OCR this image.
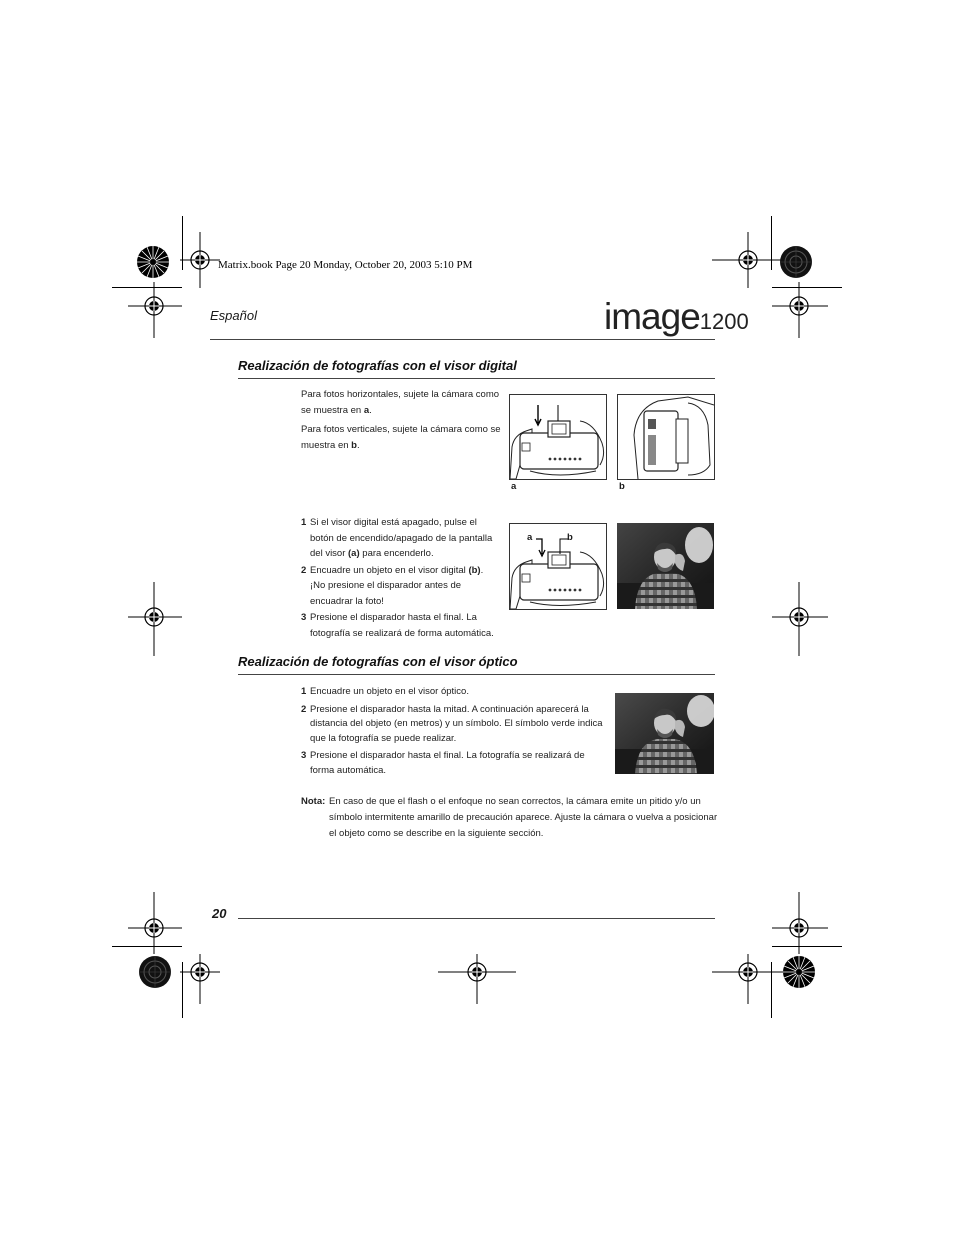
Matrix.book Page 20 Monday, October 20, 2003 5:10 PM
Español	image1200
Realización de fotografías con el visor digital

Para fotos horizontales, sujete la cámara como se muestra en a.

Para fotos verticales, sujete la cámara como se muestra en b.

a	b
1 Si el visor digital está apagado, pulse el botón de encendido/apagado de la pantalla del visor (a) para encenderlo.
2 Encuadre un objeto en el visor digital (b). ¡No presione el disparador antes de encuadrar la foto!
3 Presione el disparador hasta el final. La fotografía se realizará de forma automática.
a	b
Realización de fotografías con el visor óptico
1 Encuadre un objeto en el visor óptico.
2 Presione el disparador hasta la mitad. A continuación aparecerá la distancia del objeto (en metros) y un símbolo. El símbolo verde indica que la fotografía se puede realizar.
3 Presione el disparador hasta el final. La fotografía se realizará de forma automática.
Nota: En caso de que el flash o el enfoque no sean correctos, la cámara emite un pitido y/o un símbolo intermitente amarillo de precaución aparece. Ajuste la cámara o vuelva a posicionar el objeto como se describe en la siguiente sección.
20
